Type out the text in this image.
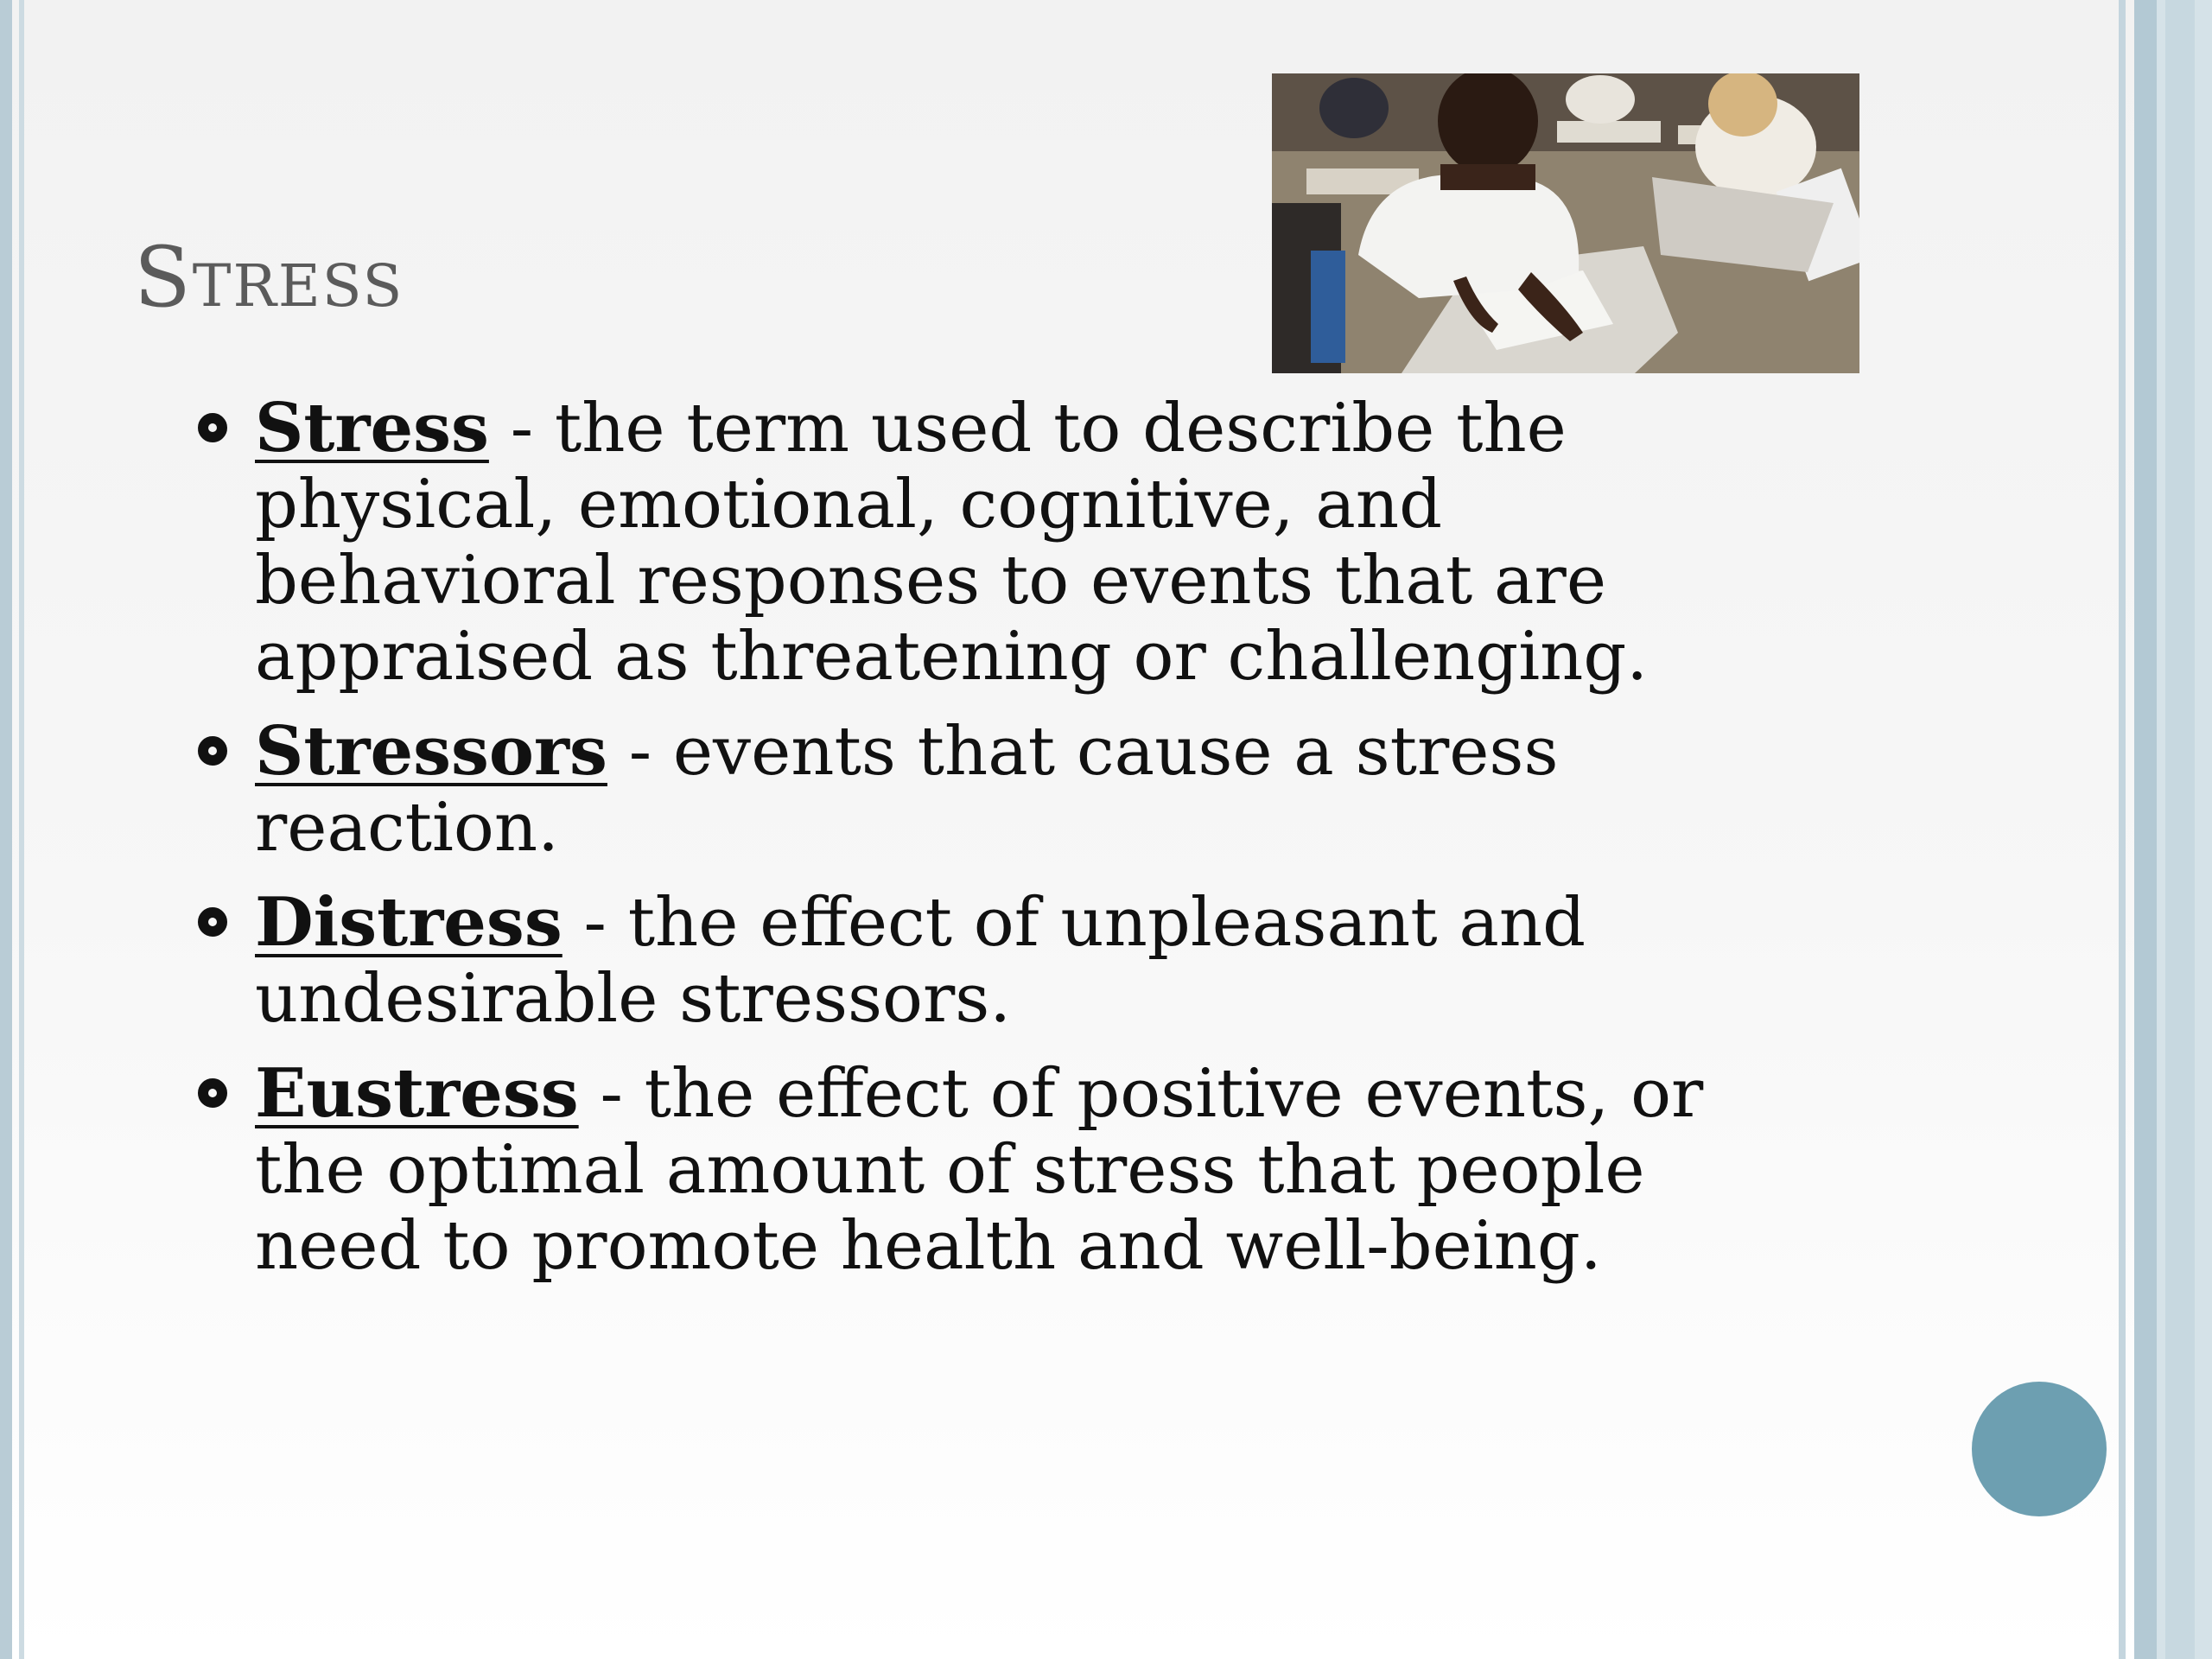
Stress
Stress - the term used to describe the physical, emotional, cognitive, and behavioral responses to events that are appraised as threatening or challenging.
Stressors - events that cause a stress reaction.
Distress - the effect of unpleasant and undesirable stressors.
Eustress - the effect of positive events, or the optimal amount of stress that people need to promote health and well-being.
